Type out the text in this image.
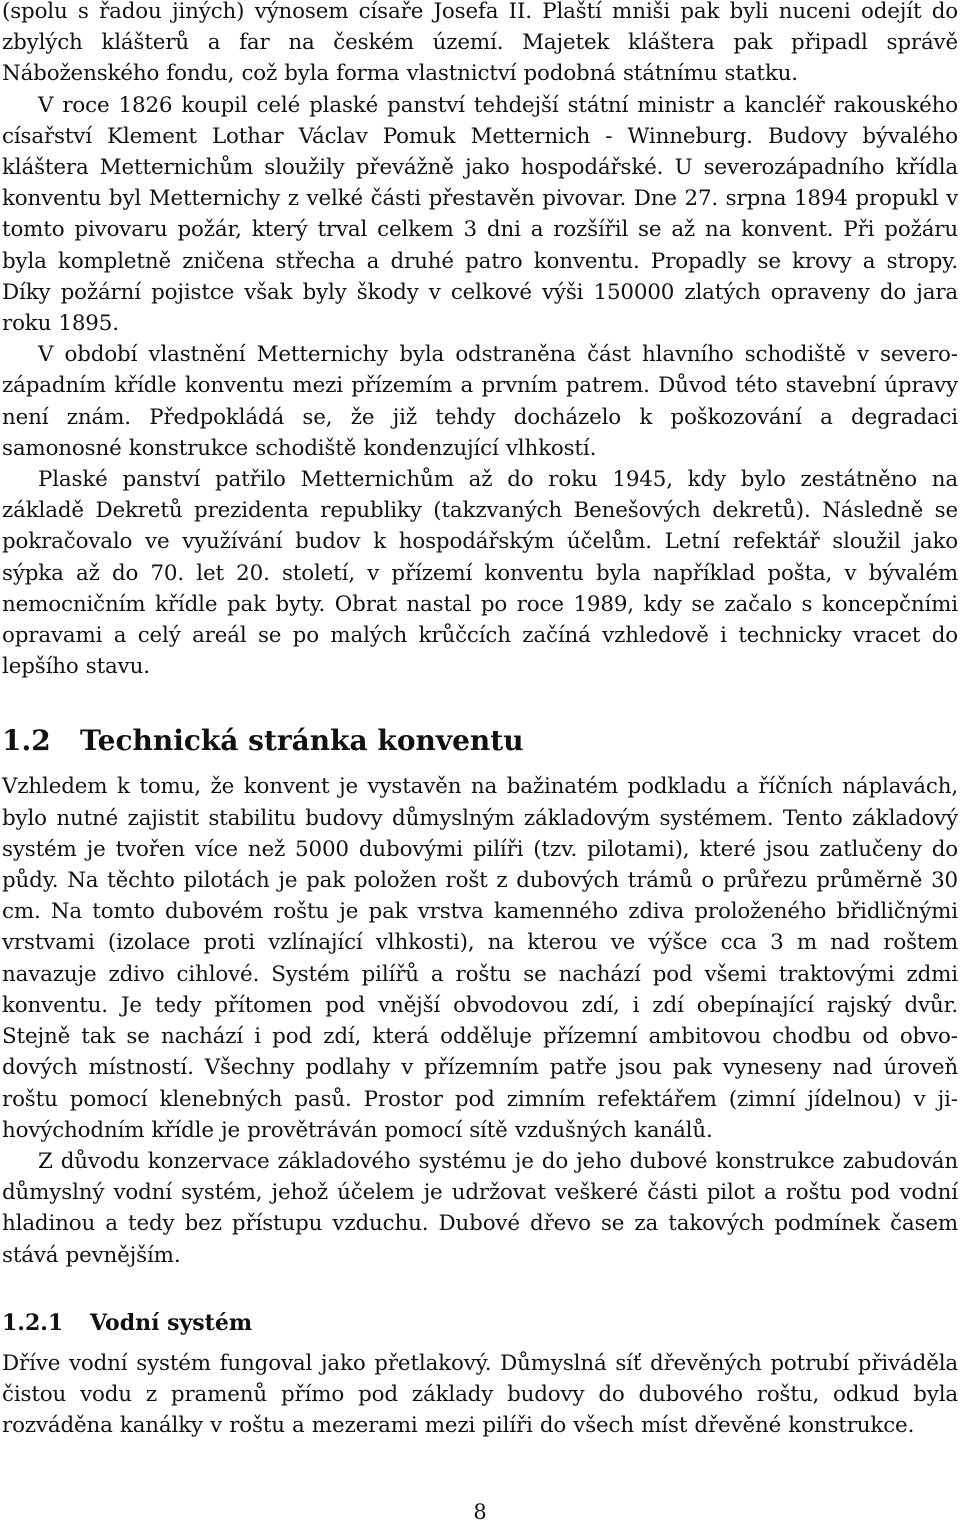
(spolu s řadou jiných) výnosem císaře Josefa II. Plaští mniši pak byli nuceni odejít do zbylých klášterů a far na českém území. Majetek kláštera pak připadl správě Náboženského fondu, což byla forma vlastnictví podobná státnímu statku.

V roce 1826 koupil celé plaské panství tehdejší státní ministr a kancléř rakouského císařství Klement Lothar Václav Pomuk Metternich - Winneburg. Budovy bývalého kláštera Metternichům sloužily převážně jako hospodářské. U severozápadního křídla konventu byl Metternichy z velké části přestavěn pivovar. Dne 27. srpna 1894 propukl v tomto pivovaru požár, který trval celkem 3 dni a rozšířil se až na konvent. Při požáru byla kompletně zničena střecha a druhé patro konventu. Propadly se krovy a stropy. Díky požární pojistce však byly škody v celkové výši 150000 zlatých opraveny do jara roku 1895.

V období vlastnění Metternichy byla odstraněna část hlavního schodiště v severozápadním křídle konventu mezi přízemím a prvním patrem. Důvod této stavební úpravy není znám. Předpokládá se, že již tehdy docházelo k poškozování a degradaci samonosné konstrukce schodiště kondenzující vlhkostí.

Plaské panství patřilo Metternichům až do roku 1945, kdy bylo zestátněno na základě Dekretů prezidenta republiky (takzvaných Benešových dekretů). Následně se pokračovalo ve využívání budov k hospodářským účelům. Letní refektář sloužil jako sýpka až do 70. let 20. století, v přízemí konventu byla například pošta, v bývalém nemocničním křídle pak byty. Obrat nastal po roce 1989, kdy se začalo s koncepčními opravami a celý areál se po malých krůčcích začíná vzhledově i technicky vracet do lepšího stavu.

1.2 Technická stránka konventu

Vzhledem k tomu, že konvent je vystavěn na bažinatém podkladu a říčních náplavách, bylo nutné zajistit stabilitu budovy důmyslným základovým systémem. Tento základový systém je tvořen více než 5000 dubovými pilíři (tzv. pilotami), které jsou zatlučeny do půdy. Na těchto pilotách je pak položen rošt z dubových trámů o průřezu průměrně 30 cm. Na tomto dubovém roštu je pak vrstva kamenného zdiva proloženého břidličnými vrstvami (izolace proti vzlínající vlhkosti), na kterou ve výšce cca 3 m nad roštem navazuje zdivo cihlové. Systém pilířů a roštu se nachází pod všemi traktovými zdmi konventu. Je tedy přítomen pod vnější obvodovou zdí, i zdí obepínající rajský dvůr. Stejně tak se nachází i pod zdí, která odděluje přízemní ambitovou chodbu od obvodových místností. Všechny podlahy v přízemním patře jsou pak vyneseny nad úroveň roštu pomocí klenebných pasů. Prostor pod zimním refektářem (zimní jídelnou) v jihovýchodním křídle je provětráván pomocí sítě vzdušných kanálů.

Z důvodu konzervace základového systému je do jeho dubové konstrukce zabudován důmyslný vodní systém, jehož účelem je udržovat veškeré části pilot a roštu pod vodní hladinou a tedy bez přístupu vzduchu. Dubové dřevo se za takových podmínek časem stává pevnějším.

1.2.1 Vodní systém

Dříve vodní systém fungoval jako přetlakový. Důmyslná síť dřevěných potrubí přiváděla čistou vodu z pramenů přímo pod základy budovy do dubového roštu, odkud byla rozváděna kanálky v roštu a mezerami mezi pilíři do všech míst dřevěné konstrukce.

8
